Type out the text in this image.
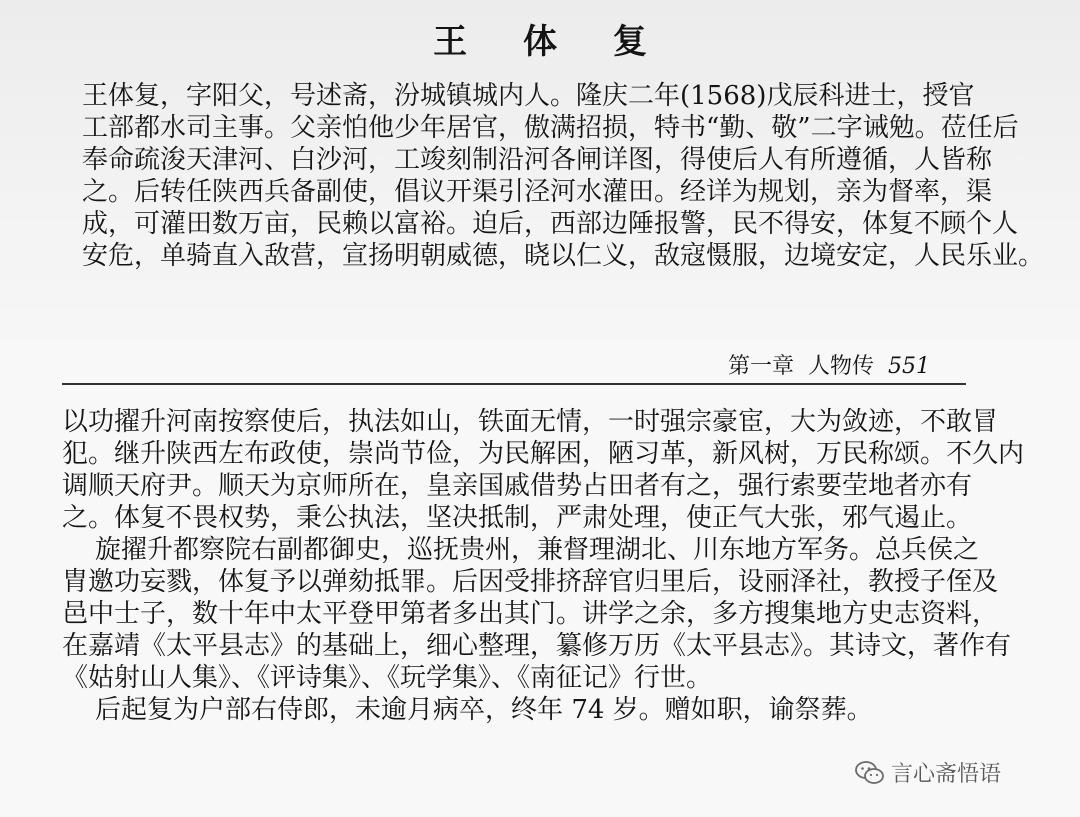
王 体 复

王体复，字阳父，号述斋，汾城镇城内人。隆庆二年(1568)戊辰科进士，授官
工部都水司主事。父亲怕他少年居官，傲满招损，特书“勤、敬”二字诫勉。莅任后
奉命疏浚天津河、白沙河，工竣刻制沿河各闸详图，得使后人有所遵循，人皆称
之。后转任陕西兵备副使，倡议开渠引泾河水灌田。经详为规划，亲为督率，渠
成，可灌田数万亩，民赖以富裕。迫后，西部边陲报警，民不得安，体复不顾个人
安危，单骑直入敌营，宣扬明朝威德，晓以仁义，敌寇慑服，边境安定，人民乐业。

第一章 人物传 551

以功擢升河南按察使后，执法如山，铁面无情，一时强宗豪宦，大为敛迹，不敢冒
犯。继升陕西左布政使，崇尚节俭，为民解困，陋习革，新风树，万民称颂。不久内
调顺天府尹。顺天为京师所在，皇亲国戚借势占田者有之，强行索要茔地者亦有
之。体复不畏权势，秉公执法，坚决抵制，严肃处理，使正气大张，邪气遏止。
旋擢升都察院右副都御史，巡抚贵州，兼督理湖北、川东地方军务。总兵侯之
胄邀功妄戮，体复予以弹劾抵罪。后因受排挤辞官归里后，设丽泽社，教授子侄及
邑中士子，数十年中太平登甲第者多出其门。讲学之余，多方搜集地方史志资料，
在嘉靖《太平县志》的基础上，细心整理，纂修万历《太平县志》。其诗文，著作有
《姑射山人集》、《评诗集》、《玩学集》、《南征记》行世。
后起复为户部右侍郎，未逾月病卒，终年 74 岁。赠如职，谕祭葬。

言心斋悟语
